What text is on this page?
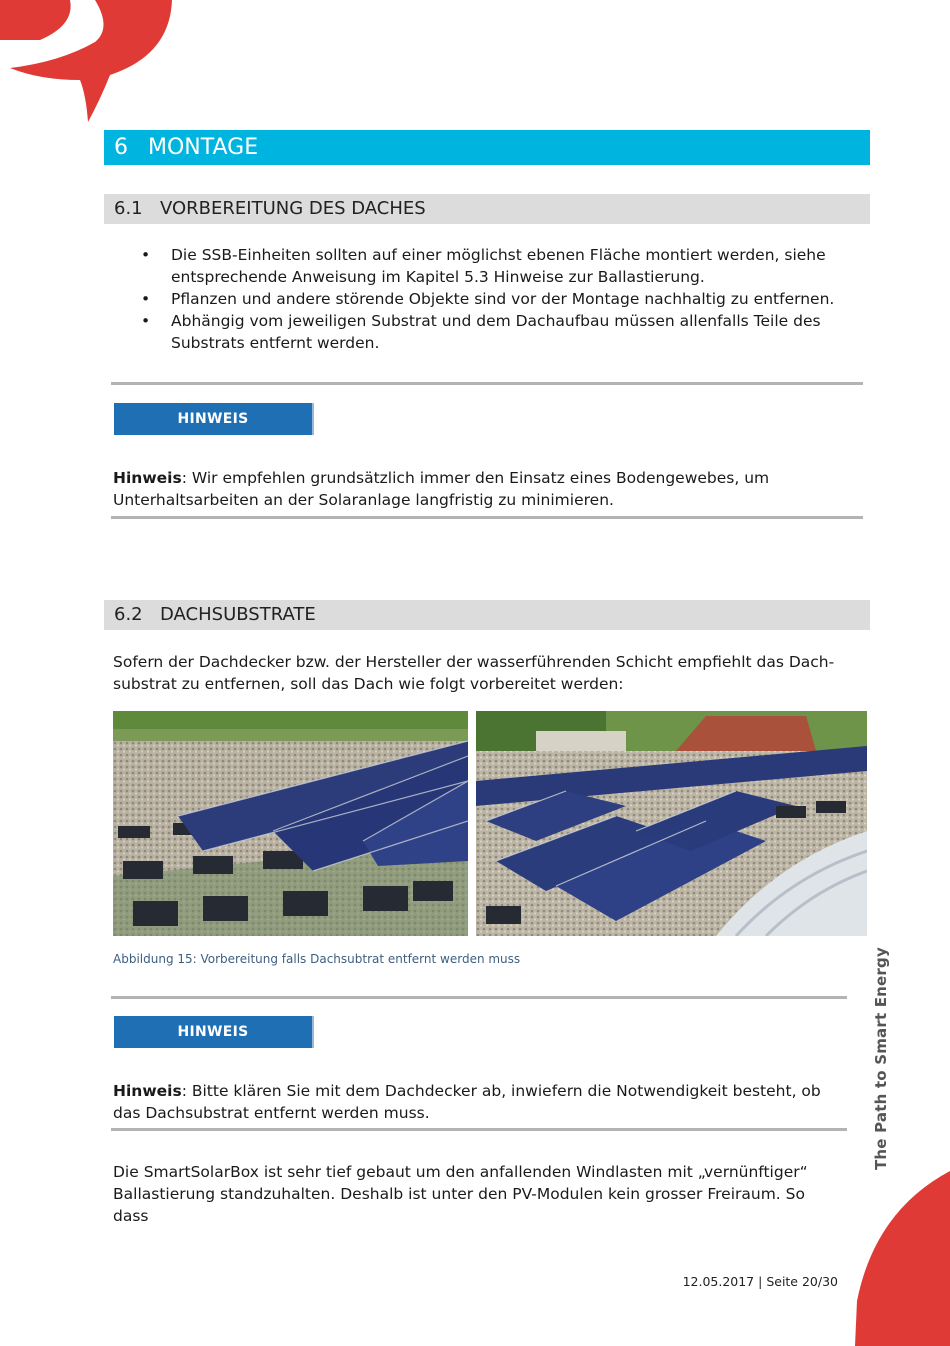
The Path to Smart Energy
6 MONTAGE
6.1 VORBEREITUNG DES DACHES
• Die SSB-Einheiten sollten auf einer möglichst ebenen Fläche montiert werden, siehe entsprechende Anweisung im Kapitel 5.3 Hinweise zur Ballastierung.
• Pflanzen und andere störende Objekte sind vor der Montage nachhaltig zu entfernen.
• Abhängig vom jeweiligen Substrat und dem Dachaufbau müssen allenfalls Teile des Substrats entfernt werden.
HINWEIS

Hinweis: Wir empfehlen grundsätzlich immer den Einsatz eines Bodengewebes, um Unterhaltsarbeiten an der Solaranlage langfristig zu minimieren.

6.2 DACHSUBSTRATE

Sofern der Dachdecker bzw. der Hersteller der wasserführenden Schicht empfiehlt das Dach-substrat zu entfernen, soll das Dach wie folgt vorbereitet werden:

Abbildung 15: Vorbereitung falls Dachsubtrat entfernt werden muss
HINWEIS

Hinweis: Bitte klären Sie mit dem Dachdecker ab, inwiefern die Notwendigkeit besteht, ob das Dachsubstrat entfernt werden muss.

Die SmartSolarBox ist sehr tief gebaut um den anfallenden Windlasten mit „vernünftiger“ Ballastierung standzuhalten. Deshalb ist unter den PV-Modulen kein grosser Freiraum. So dass

12.05.2017 | Seite 20/30
